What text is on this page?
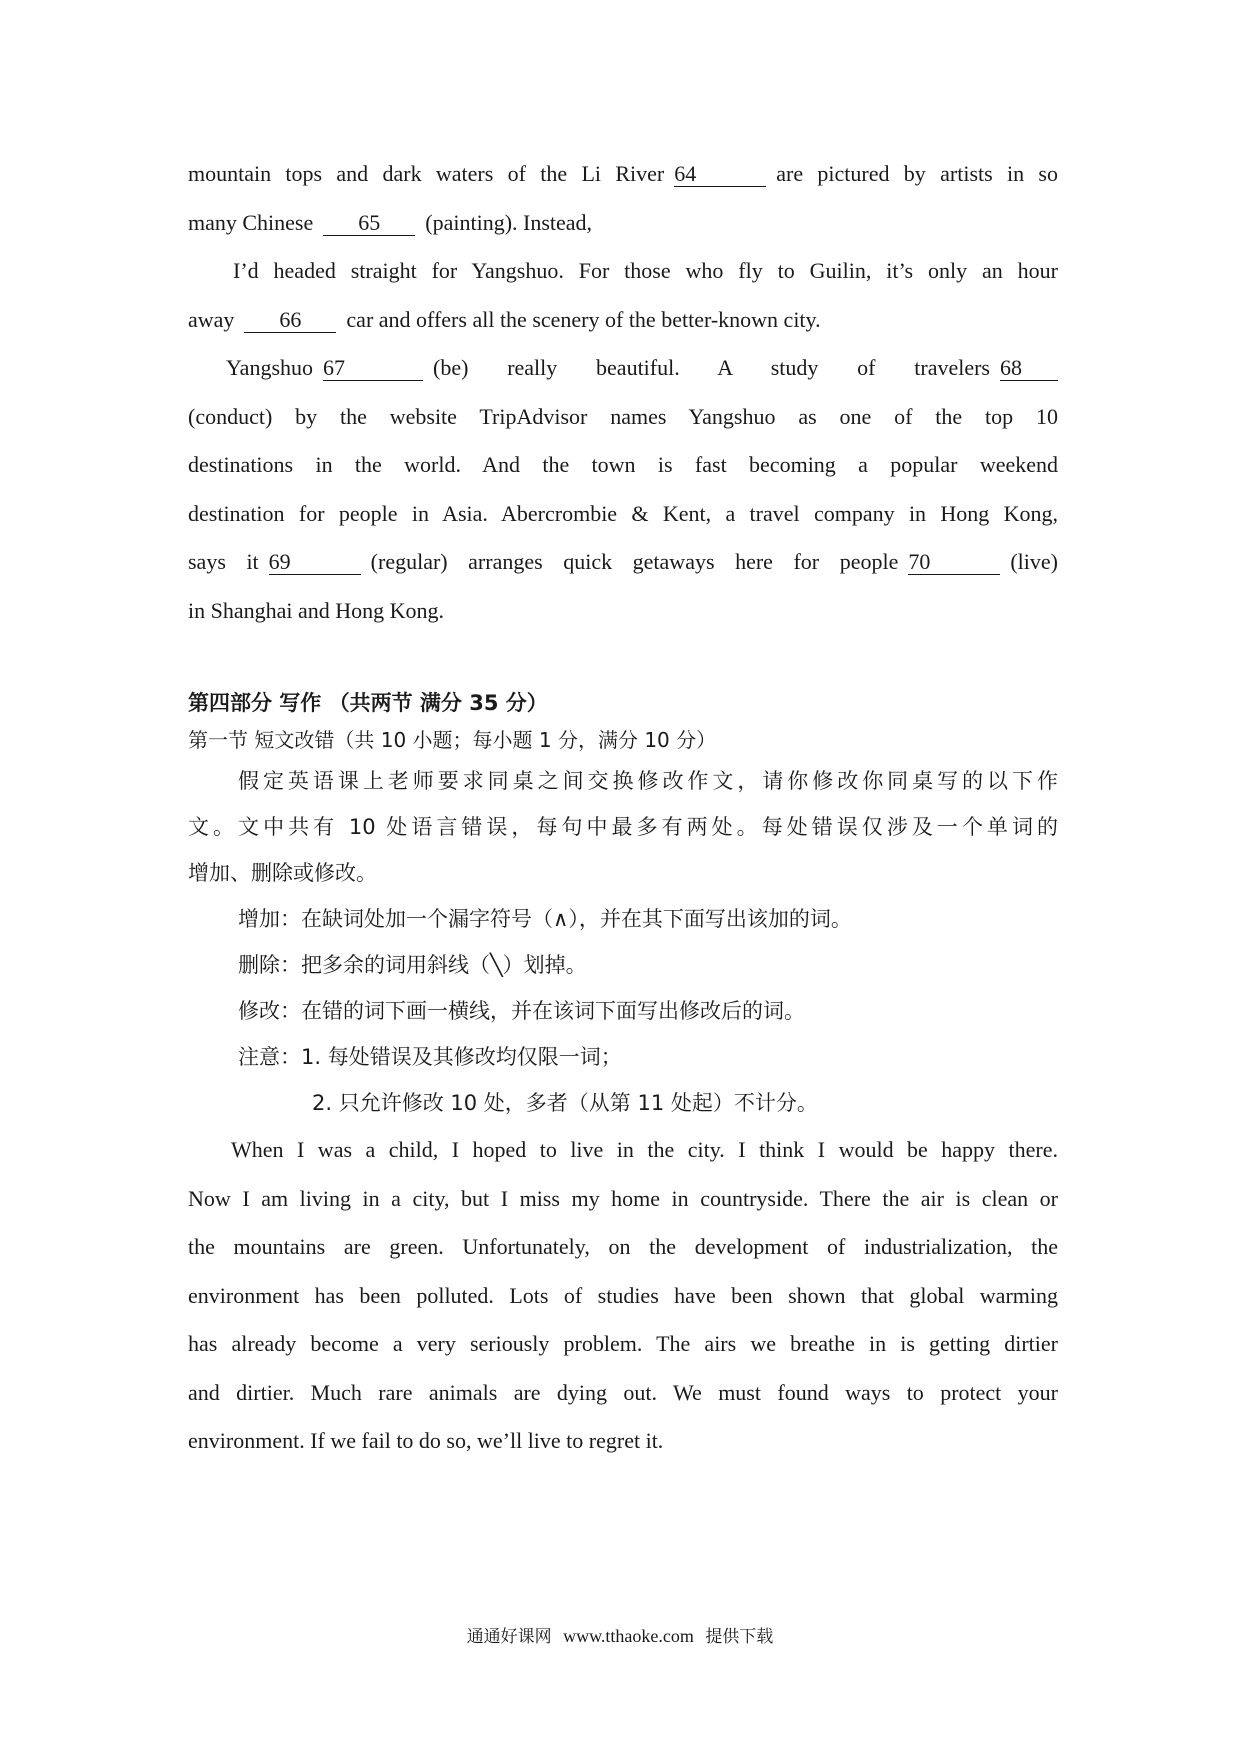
mountain tops and dark waters of the Li River 64	are pictured by artists in so
many Chinese 65 (painting). Instead,
I’d headed straight for Yangshuo. For those who fly to Guilin, it’s only an hour
away 66 car and offers all the scenery of the better-known city.
Yangshuo 67	(be) really beautiful. A study of travelers 68
(conduct) by the website TripAdvisor names Yangshuo as one of the top 10
destinations in the world. And the town is fast becoming a popular weekend
destination for people in Asia. Abercrombie & Kent, a travel company in Hong Kong,
says it 69	(regular) arranges quick getaways here for people 70	(live)
in Shanghai and Hong Kong.
第四部分 写作 （共两节 满分 35 分）
第一节 短文改错（共 10 小题；每小题 1 分，满分 10 分）
假定英语课上老师要求同桌之间交换修改作文，请你修改你同桌写的以下作
文。文中共有 10 处语言错误，每句中最多有两处。每处错误仅涉及一个单词的
增加、删除或修改。
增加：在缺词处加一个漏字符号（∧），并在其下面写出该加的词。
删除：把多余的词用斜线（╲）划掉。
修改：在错的词下画一横线，并在该词下面写出修改后的词。
注意：1. 每处错误及其修改均仅限一词；
2. 只允许修改 10 处，多者（从第 11 处起）不计分。
When I was a child, I hoped to live in the city. I think I would be happy there.
Now I am living in a city, but I miss my home in countryside. There the air is clean or
the mountains are green. Unfortunately, on the development of industrialization, the
environment has been polluted. Lots of studies have been shown that global warming
has already become a very seriously problem. The airs we breathe in is getting dirtier
and dirtier. Much rare animals are dying out. We must found ways to protect your
environment. If we fail to do so, we’ll live to regret it.
通通好课网 www.tthaoke.com 提供下载
